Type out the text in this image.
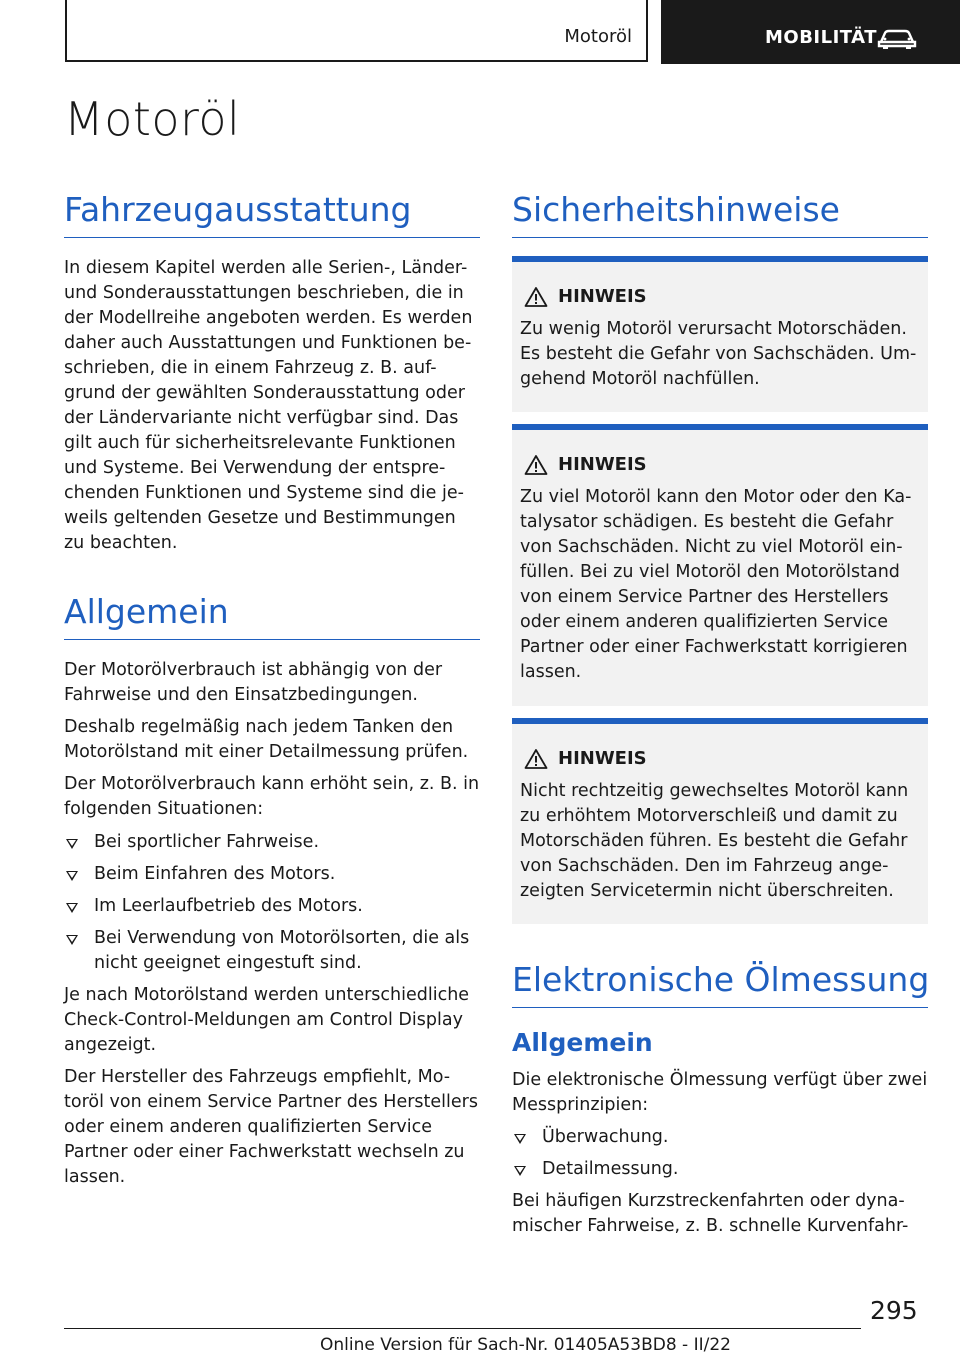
Motoröl	MOBILITÄT
Motoröl
Fahrzeugausstattung

In diesem Kapitel werden alle Serien-, Länder- und Sonderausstattungen beschrieben, die in der Modellreihe angeboten werden. Es werden daher auch Ausstattungen und Funktionen be- schrieben, die in einem Fahrzeug z. B. auf- grund der gewählten Sonderausstattung oder der Ländervariante nicht verfügbar sind. Das gilt auch für sicherheitsrelevante Funktionen und Systeme. Bei Verwendung der entspre- chenden Funktionen und Systeme sind die je- weils geltenden Gesetze und Bestimmungen zu beachten.

Allgemein

Der Motorölverbrauch ist abhängig von der Fahrweise und den Einsatzbedingungen.

Deshalb regelmäßig nach jedem Tanken den Motorölstand mit einer Detailmessung prüfen.

Der Motorölverbrauch kann erhöht sein, z. B. in folgenden Situationen:

Bei sportlicher Fahrweise.
Beim Einfahren des Motors.
Im Leerlaufbetrieb des Motors.
Bei Verwendung von Motorölsorten, die als nicht geeignet eingestuft sind.

Je nach Motorölstand werden unterschiedliche Check-Control-Meldungen am Control Display angezeigt.

Der Hersteller des Fahrzeugs empfiehlt, Mo- toröl von einem Service Partner des Herstellers oder einem anderen qualifizierten Service Partner oder einer Fachwerkstatt wechseln zu lassen.

Sicherheitshinweise
HINWEIS

Zu wenig Motoröl verursacht Motorschäden. Es besteht die Gefahr von Sachschäden. Um- gehend Motoröl nachfüllen.

HINWEIS

Zu viel Motoröl kann den Motor oder den Ka- talysator schädigen. Es besteht die Gefahr von Sachschäden. Nicht zu viel Motoröl ein- füllen. Bei zu viel Motoröl den Motorölstand von einem Service Partner des Herstellers oder einem anderen qualifizierten Service Partner oder einer Fachwerkstatt korrigieren lassen.

HINWEIS

Nicht rechtzeitig gewechseltes Motoröl kann zu erhöhtem Motorverschleiß und damit zu Motorschäden führen. Es besteht die Gefahr von Sachschäden. Den im Fahrzeug ange- zeigten Servicetermin nicht überschreiten.

Elektronische Ölmessung
Allgemein

Die elektronische Ölmessung verfügt über zwei Messprinzipien:

Überwachung.
Detailmessung.

Bei häufigen Kurzstreckenfahrten oder dyna- mischer Fahrweise, z. B. schnelle Kurvenfahr-

295
Online Version für Sach-Nr. 01405A53BD8 - II/22
